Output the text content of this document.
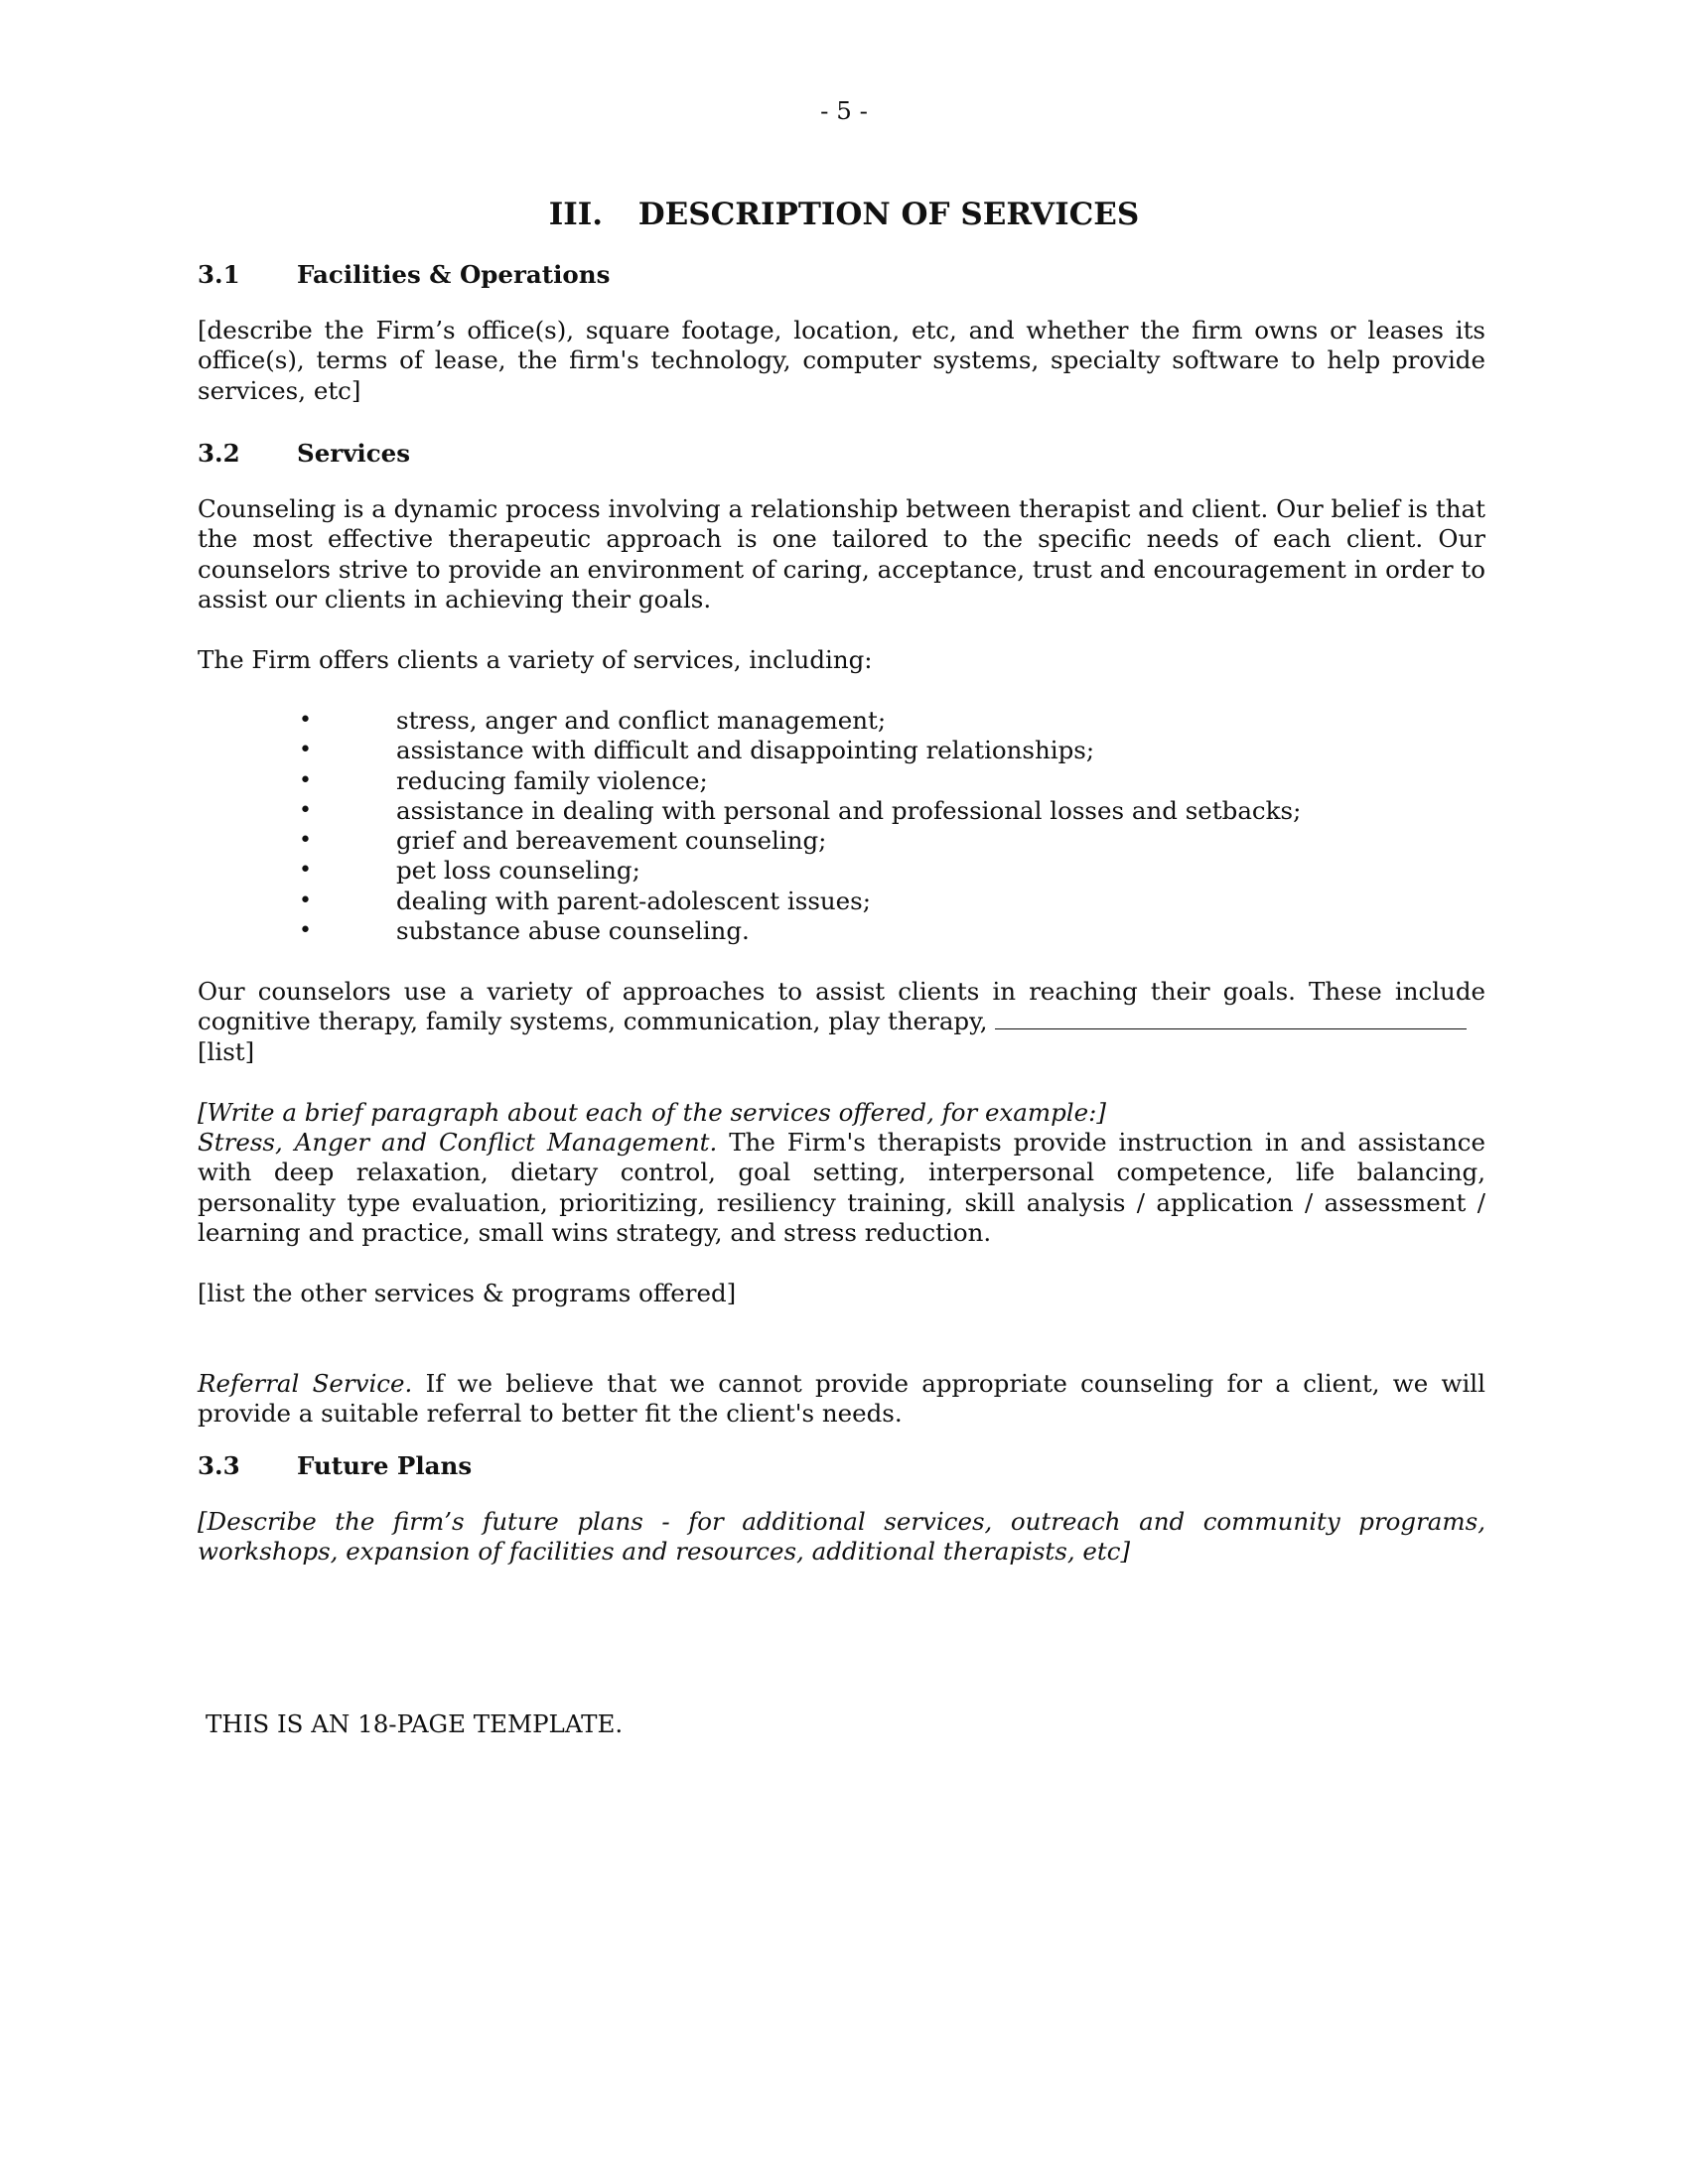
- 5 -
III. DESCRIPTION OF SERVICES
3.1 Facilities & Operations

[describe the Firm’s office(s), square footage, location, etc, and whether the firm owns or leases its office(s), terms of lease, the firm's technology, computer systems, specialty software to help provide services, etc]

3.2 Services

Counseling is a dynamic process involving a relationship between therapist and client. Our belief is that the most effective therapeutic approach is one tailored to the specific needs of each client. Our counselors strive to provide an environment of caring, acceptance, trust and encouragement in order to assist our clients in achieving their goals.

The Firm offers clients a variety of services, including:

•	stress, anger and conflict management;
•	assistance with difficult and disappointing relationships;
•	reducing family violence;
•	assistance in dealing with personal and professional losses and setbacks;
•	grief and bereavement counseling;
•	pet loss counseling;
•	dealing with parent-adolescent issues;
•	substance abuse counseling.

Our counselors use a variety of approaches to assist clients in reaching their goals. These include cognitive therapy, family systems, communication, play therapy,
[list]

[Write a brief paragraph about each of the services offered, for example:]

Stress, Anger and Conflict Management. The Firm's therapists provide instruction in and assistance with deep relaxation, dietary control, goal setting, interpersonal competence, life balancing, personality type evaluation, prioritizing, resiliency training, skill analysis / application / assessment / learning and practice, small wins strategy, and stress reduction.

[list the other services & programs offered]

Referral Service. If we believe that we cannot provide appropriate counseling for a client, we will provide a suitable referral to better fit the client's needs.

3.3 Future Plans

[Describe the firm’s future plans - for additional services, outreach and community programs, workshops, expansion of facilities and resources, additional therapists, etc]

THIS IS AN 18-PAGE TEMPLATE.
